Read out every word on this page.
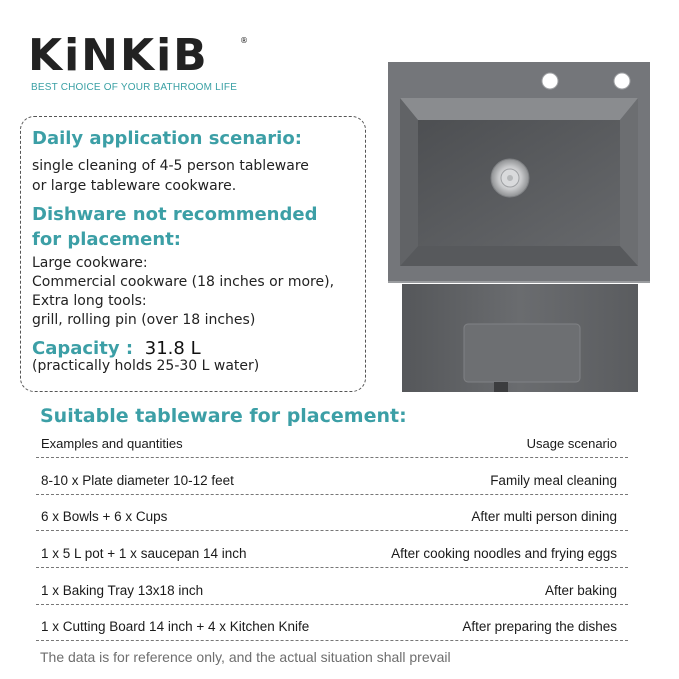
KiNKiB	®
BEST CHOICE OF YOUR BATHROOM LIFE
Daily application scenario:
single cleaning of 4-5 person tableware
or large tableware cookware.
Dishware not recommended
for placement:
Large cookware:
Commercial cookware (18 inches or more),
Extra long tools:
grill, rolling pin (over 18 inches)
Capacity : 31.8 L
(practically holds 25-30 L water)
Suitable tableware for placement:
Examples and quantities	Usage scenario
8-10 x Plate diameter 10-12 feet	Family meal cleaning
6 x Bowls + 6 x Cups	After multi person dining
1 x 5 L pot + 1 x saucepan 14 inch	After cooking noodles and frying eggs
1 x Baking Tray 13x18 inch	After baking
1 x Cutting Board 14 inch + 4 x Kitchen Knife	After preparing the dishes
The data is for reference only, and the actual situation shall prevail
